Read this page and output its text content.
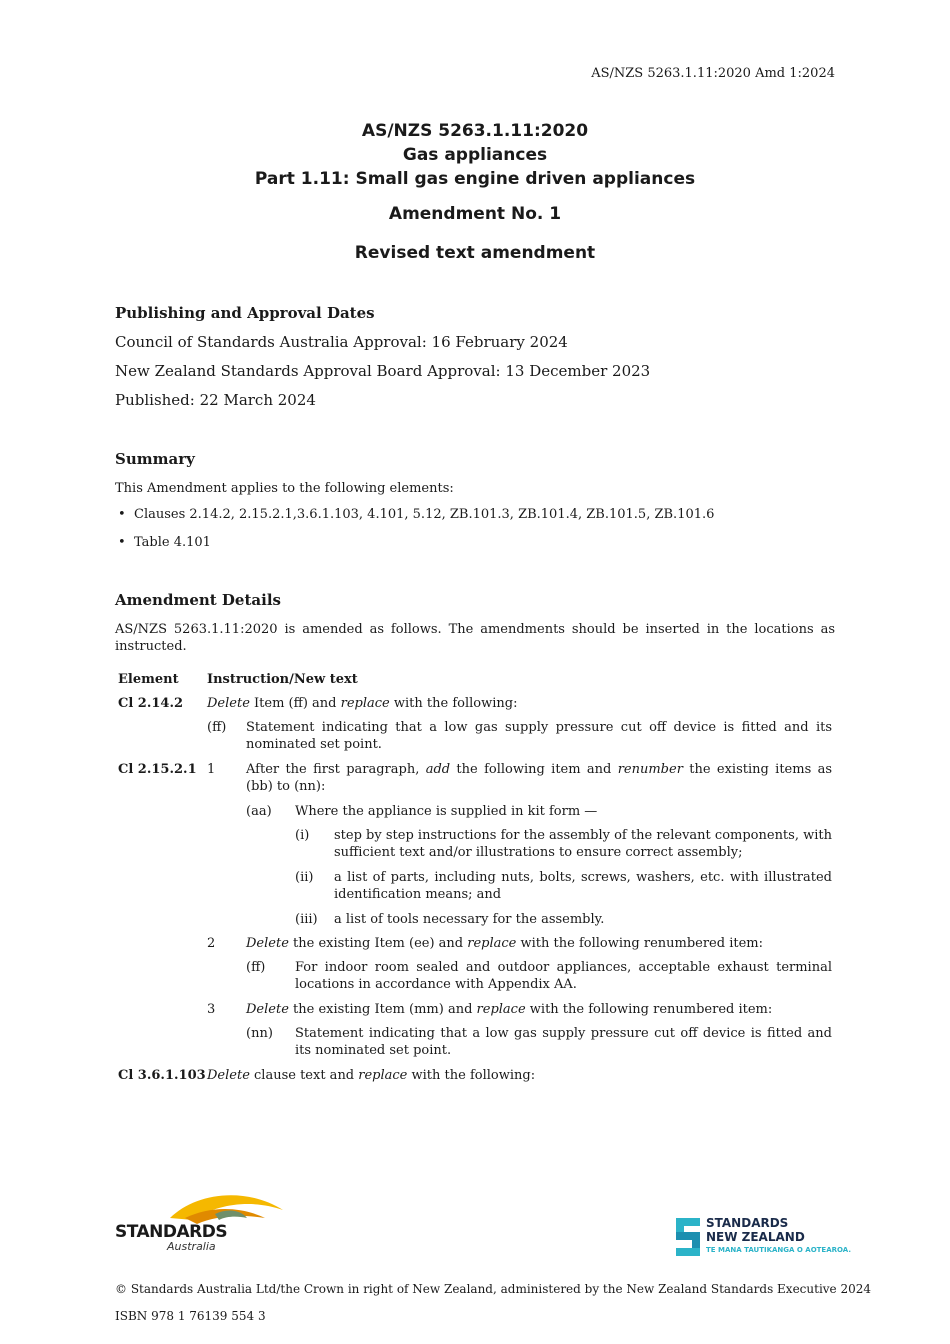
AS/NZS 5263.1.11:2020 Amd 1:2024
AS/NZS 5263.1.11:2020
Gas appliances
Part 1.11: Small gas engine driven appliances
Amendment No. 1
Revised text amendment
Publishing and Approval Dates
Council of Standards Australia Approval: 16 February 2024
New Zealand Standards Approval Board Approval: 13 December 2023
Published: 22 March 2024
Summary
This Amendment applies to the following elements:
• Clauses 2.14.2, 2.15.2.1,3.6.1.103, 4.101, 5.12, ZB.101.3, ZB.101.4, ZB.101.5, ZB.101.6
• Table 4.101
Amendment Details
AS/NZS 5263.1.11:2020 is amended as follows. The amendments should be inserted in the locations as instructed.
Element Instruction/New text
Cl 2.14.2 Delete Item (ff) and replace with the following:
(ff) Statement indicating that a low gas supply pressure cut off device is fitted and its nominated set point.
Cl 2.15.2.1 1 After the first paragraph, add the following item and renumber the existing items as (bb) to (nn):
(aa) Where the appliance is supplied in kit form —
(i) step by step instructions for the assembly of the relevant components, with sufficient text and/or illustrations to ensure correct assembly;
(ii) a list of parts, including nuts, bolts, screws, washers, etc. with illustrated identification means; and
(iii) a list of tools necessary for the assembly.
2 Delete the existing Item (ee) and replace with the following renumbered item:
(ff) For indoor room sealed and outdoor appliances, acceptable exhaust terminal locations in accordance with Appendix AA.
3 Delete the existing Item (mm) and replace with the following renumbered item:
(nn) Statement indicating that a low gas supply pressure cut off device is fitted and its nominated set point.
Cl 3.6.1.103 Delete clause text and replace with the following:
STANDARDS
Australia
STANDARDS
NEW ZEALAND
TE MANA TAUTIKANGA O AOTEAROA.
© Standards Australia Ltd/the Crown in right of New Zealand, administered by the New Zealand Standards Executive 2024
ISBN 978 1 76139 554 3
